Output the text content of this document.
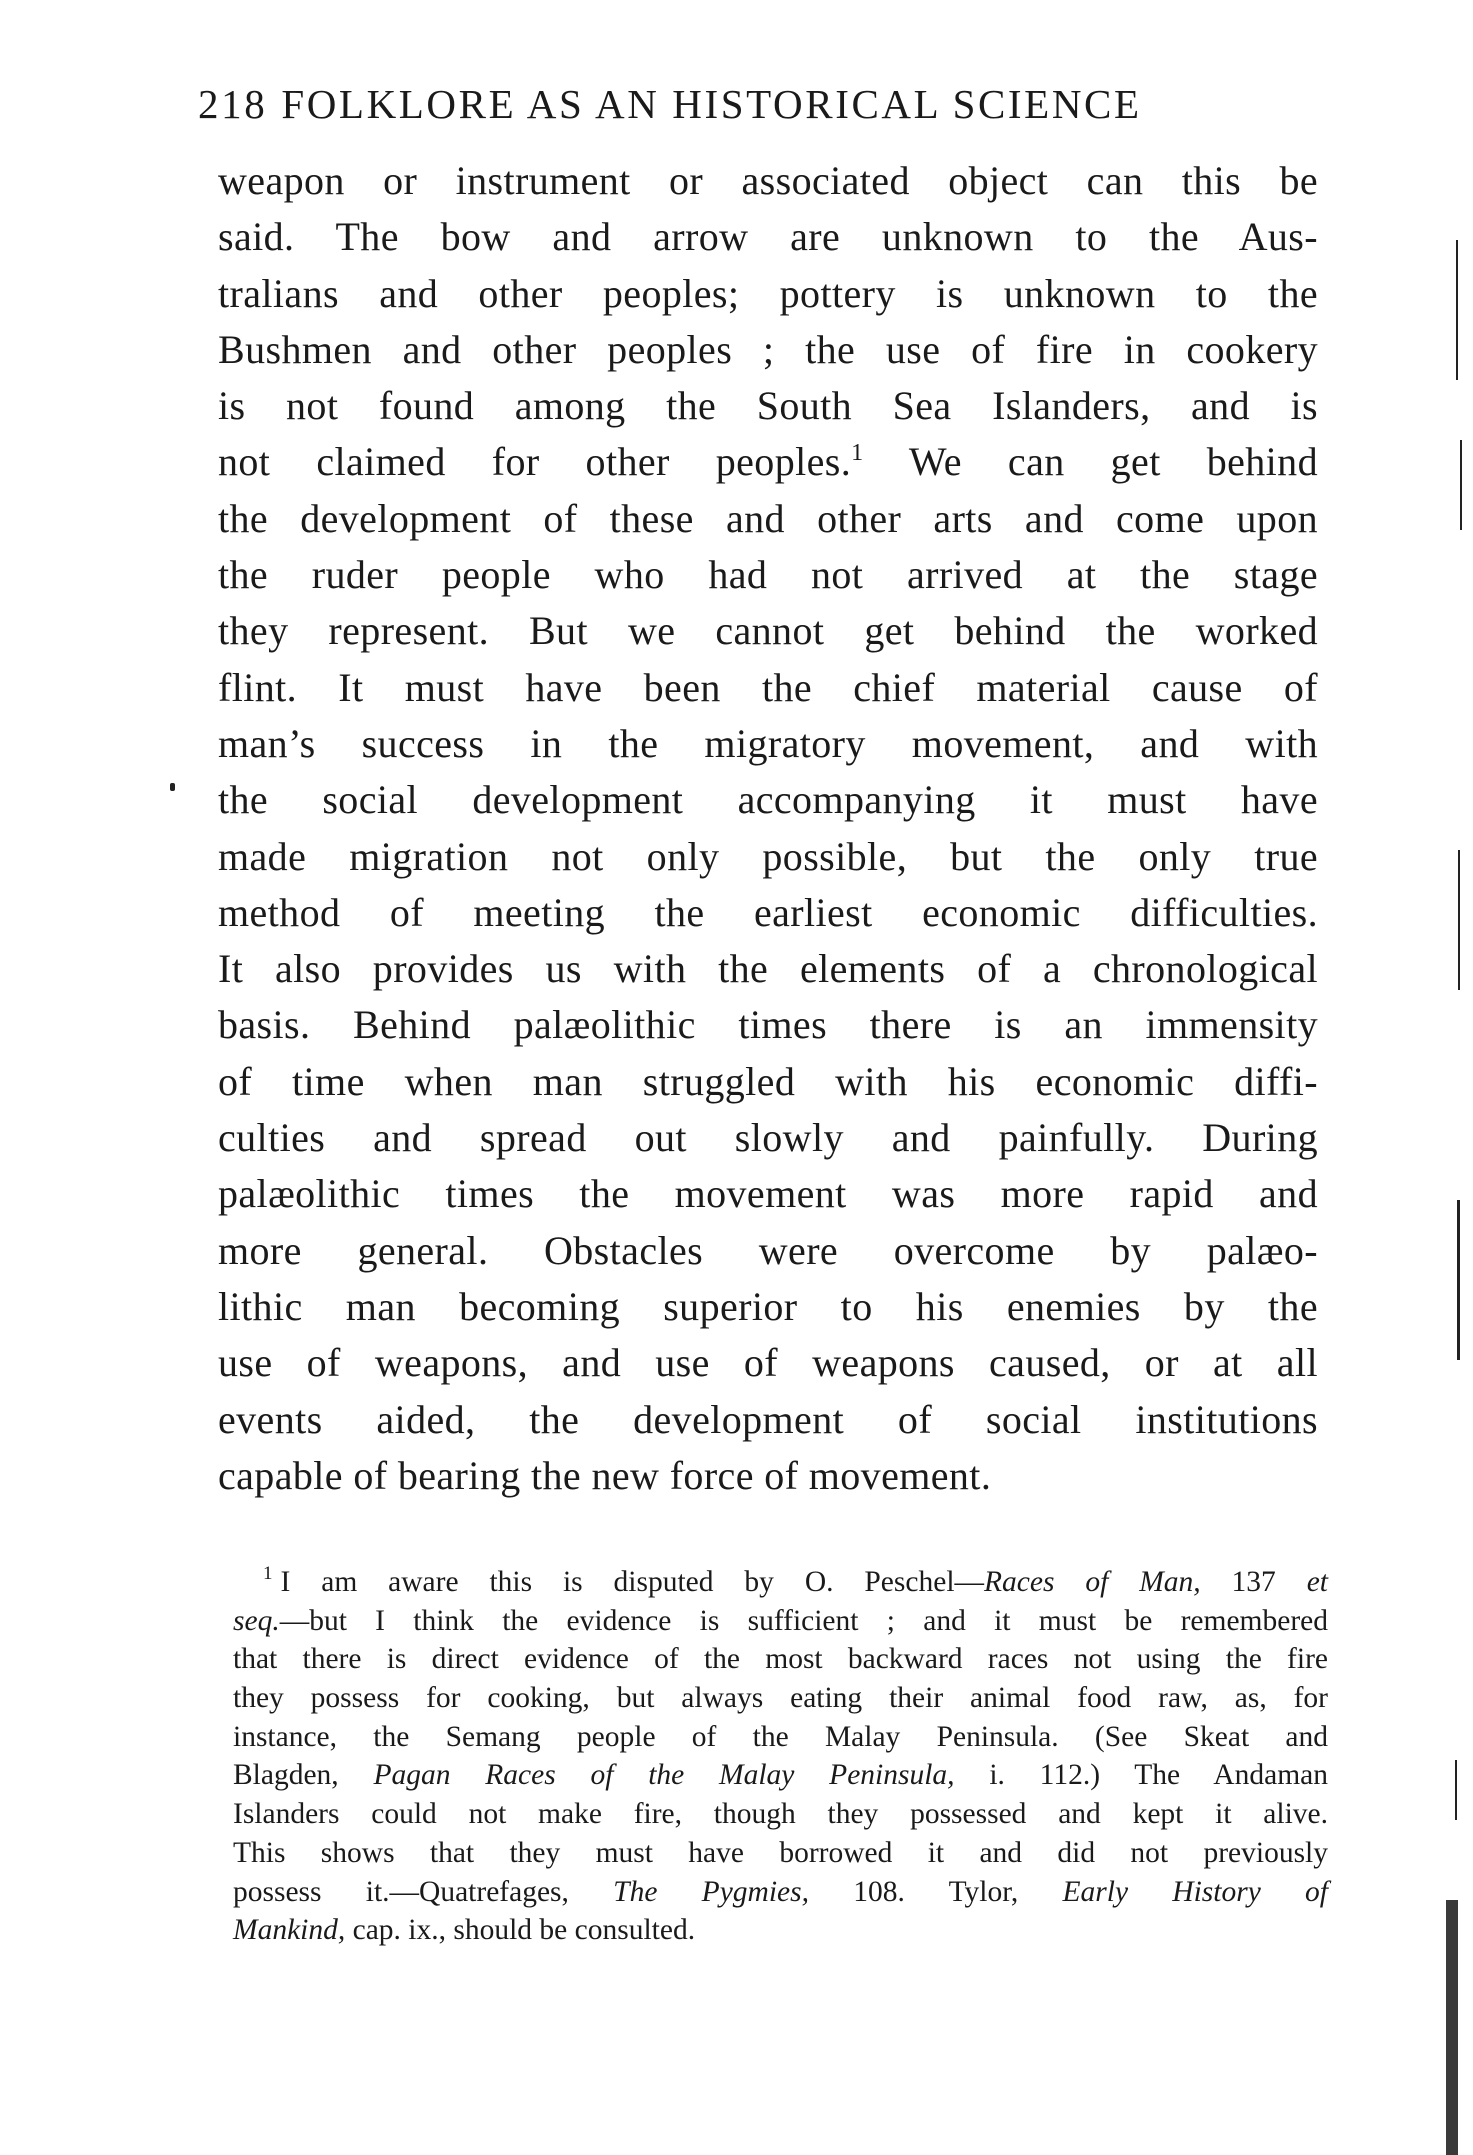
218 FOLKLORE AS AN HISTORICAL SCIENCE
weapon or instrument or associated object can this be
said. The bow and arrow are unknown to the Aus-
tralians and other peoples; pottery is unknown to the
Bushmen and other peoples ; the use of fire in cookery
is not found among the South Sea Islanders, and is
not claimed for other peoples.$^1$ We can get behind
the development of these and other arts and come upon
the ruder people who had not arrived at the stage
they represent. But we cannot get behind the worked
flint. It must have been the chief material cause of
man’s success in the migratory movement, and with
the social development accompanying it must have
made migration not only possible, but the only true
method of meeting the earliest economic difficulties.
It also provides us with the elements of a chronological
basis. Behind palæolithic times there is an immensity
of time when man struggled with his economic diffi-
culties and spread out slowly and painfully. During
palæolithic times the movement was more rapid and
more general. Obstacles were overcome by palæo-
lithic man becoming superior to his enemies by the
use of weapons, and use of weapons caused, or at all
events aided, the development of social institutions
capable of bearing the new force of movement.
$^1$ I am aware this is disputed by O. Peschel—Races of Man, 137 et
seq.—but I think the evidence is sufficient ; and it must be remembered
that there is direct evidence of the most backward races not using the fire
they possess for cooking, but always eating their animal food raw, as, for
instance, the Semang people of the Malay Peninsula. (See Skeat and
Blagden, Pagan Races of the Malay Peninsula, i. 112.) The Andaman
Islanders could not make fire, though they possessed and kept it alive.
This shows that they must have borrowed it and did not previously
possess it.—Quatrefages, The Pygmies, 108. Tylor, Early History of
Mankind, cap. ix., should be consulted.
